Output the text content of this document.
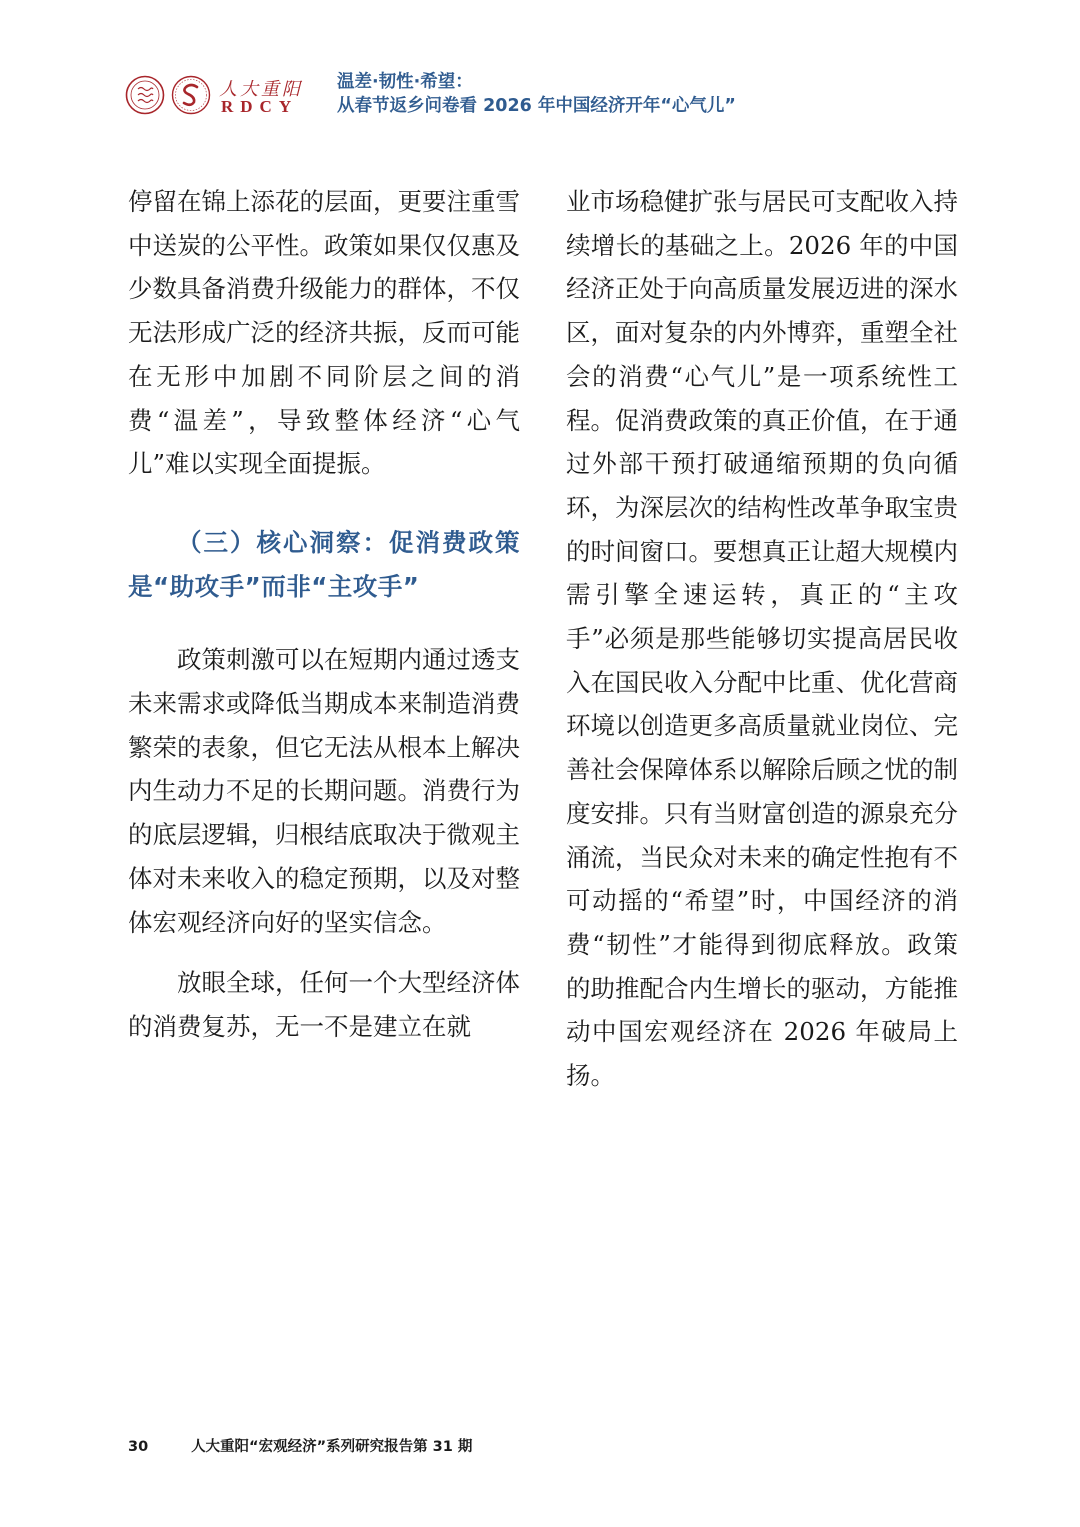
人大重阳
RDCY
温差·韧性·希望：
从春节返乡问卷看 2026 年中国经济开年“心气儿”

停留在锦上添花的层面，更要注重雪中送炭的公平性。政策如果仅仅惠及少数具备消费升级能力的群体，不仅无法形成广泛的经济共振，反而可能在无形中加剧不同阶层之间的消费“温差”，导致整体经济“心气儿”难以实现全面提振。

（三）核心洞察：促消费政策是“助攻手”而非“主攻手”

政策刺激可以在短期内通过透支未来需求或降低当期成本来制造消费繁荣的表象，但它无法从根本上解决内生动力不足的长期问题。消费行为的底层逻辑，归根结底取决于微观主体对未来收入的稳定预期，以及对整体宏观经济向好的坚实信念。

放眼全球，任何一个大型经济体的消费复苏，无一不是建立在就

业市场稳健扩张与居民可支配收入持续增长的基础之上。2026 年的中国经济正处于向高质量发展迈进的深水区，面对复杂的内外博弈，重塑全社会的消费“心气儿”是一项系统性工程。促消费政策的真正价值，在于通过外部干预打破通缩预期的负向循环，为深层次的结构性改革争取宝贵的时间窗口。要想真正让超大规模内需引擎全速运转，真正的“主攻手”必须是那些能够切实提高居民收入在国民收入分配中比重、优化营商环境以创造更多高质量就业岗位、完善社会保障体系以解除后顾之忧的制度安排。只有当财富创造的源泉充分涌流，当民众对未来的确定性抱有不可动摇的“希望”时，中国经济的消费“韧性”才能得到彻底释放。政策的助推配合内生增长的驱动，方能推动中国宏观经济在 2026 年破局上扬。

30	人大重阳“宏观经济”系列研究报告第 31 期
